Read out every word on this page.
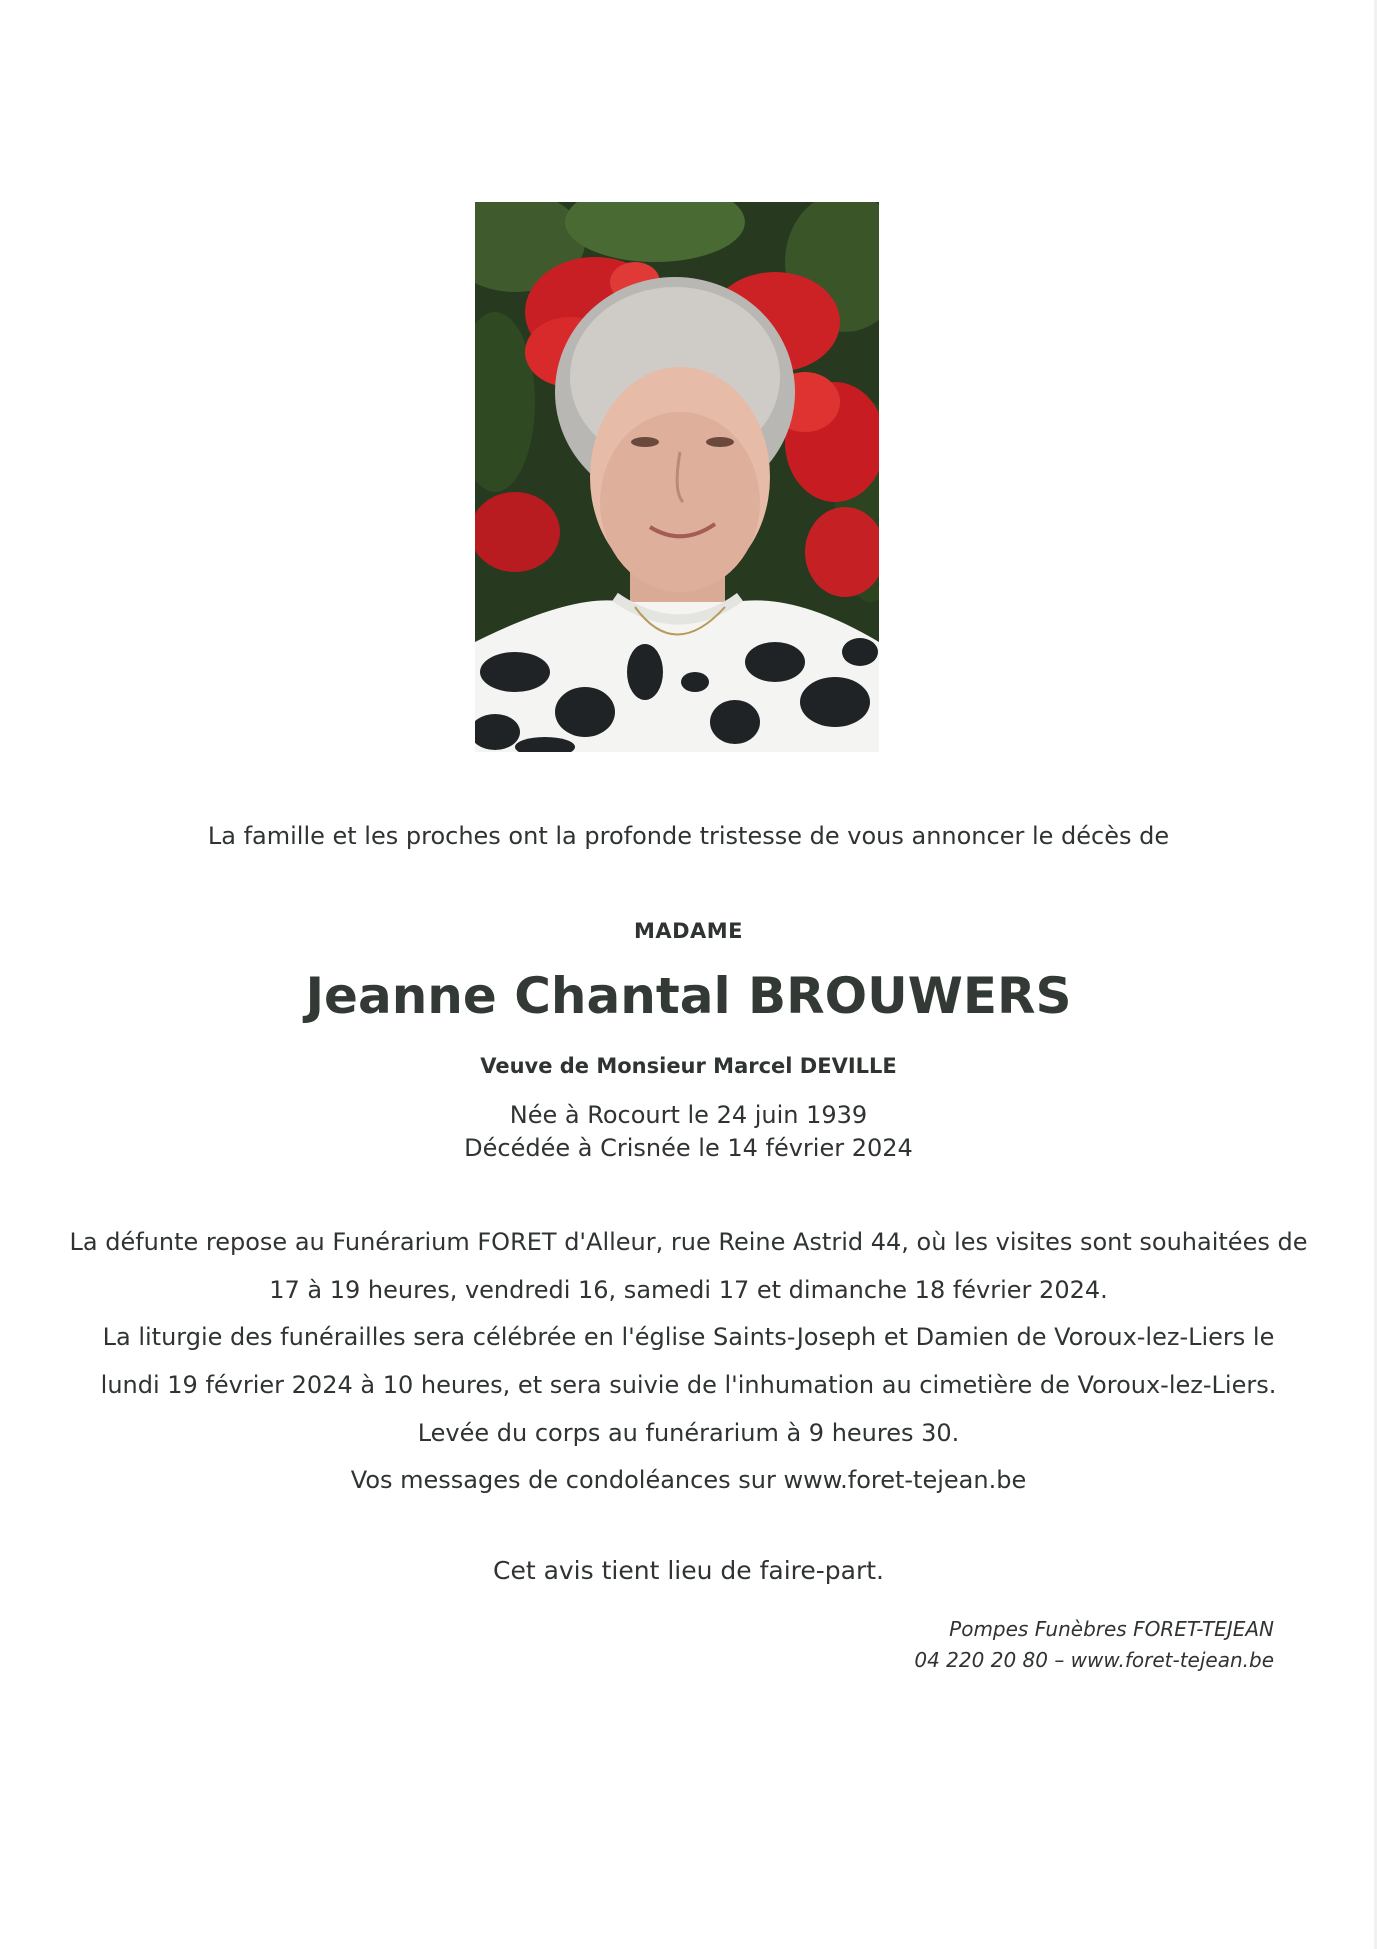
La famille et les proches ont la profonde tristesse de vous annoncer le décès de
MADAME
Jeanne Chantal BROUWERS
Veuve de Monsieur Marcel DEVILLE
Née à Rocourt le 24 juin 1939
Décédée à Crisnée le 14 février 2024
La défunte repose au Funérarium FORET d'Alleur, rue Reine Astrid 44, où les visites sont souhaitées de
17 à 19 heures, vendredi 16, samedi 17 et dimanche 18 février 2024.
La liturgie des funérailles sera célébrée en l'église Saints-Joseph et Damien de Voroux-lez-Liers le
lundi 19 février 2024 à 10 heures, et sera suivie de l'inhumation au cimetière de Voroux-lez-Liers.
Levée du corps au funérarium à 9 heures 30.
Vos messages de condoléances sur www.foret-tejean.be
Cet avis tient lieu de faire-part.
Pompes Funèbres FORET-TEJEAN
04 220 20 80 – www.foret-tejean.be
